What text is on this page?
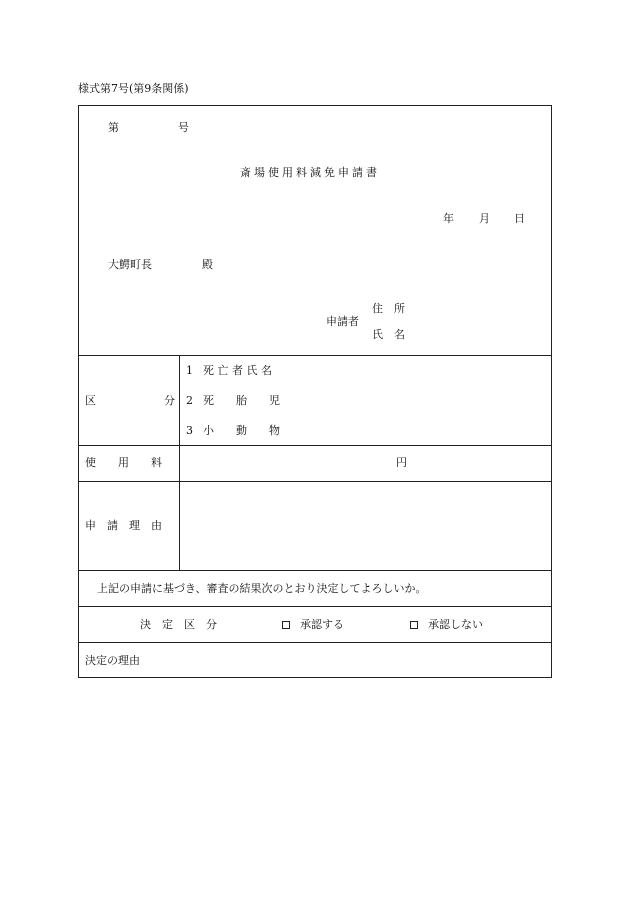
様式第7号(第9条関係)
第	号
斎場使用料減免申請書
年 月 日
大鰐町長	殿
申請者
住　所
氏　名
区	分
1 死 亡 者 氏 名
2 死　　胎　　児
3 小　　動　　物
使　　用　　料	円
申　請　理　由
上記の申請に基づき、審査の結果次のとおり決定してよろしいか。
決　定　区　分	承認する	承認しない
決定の理由
